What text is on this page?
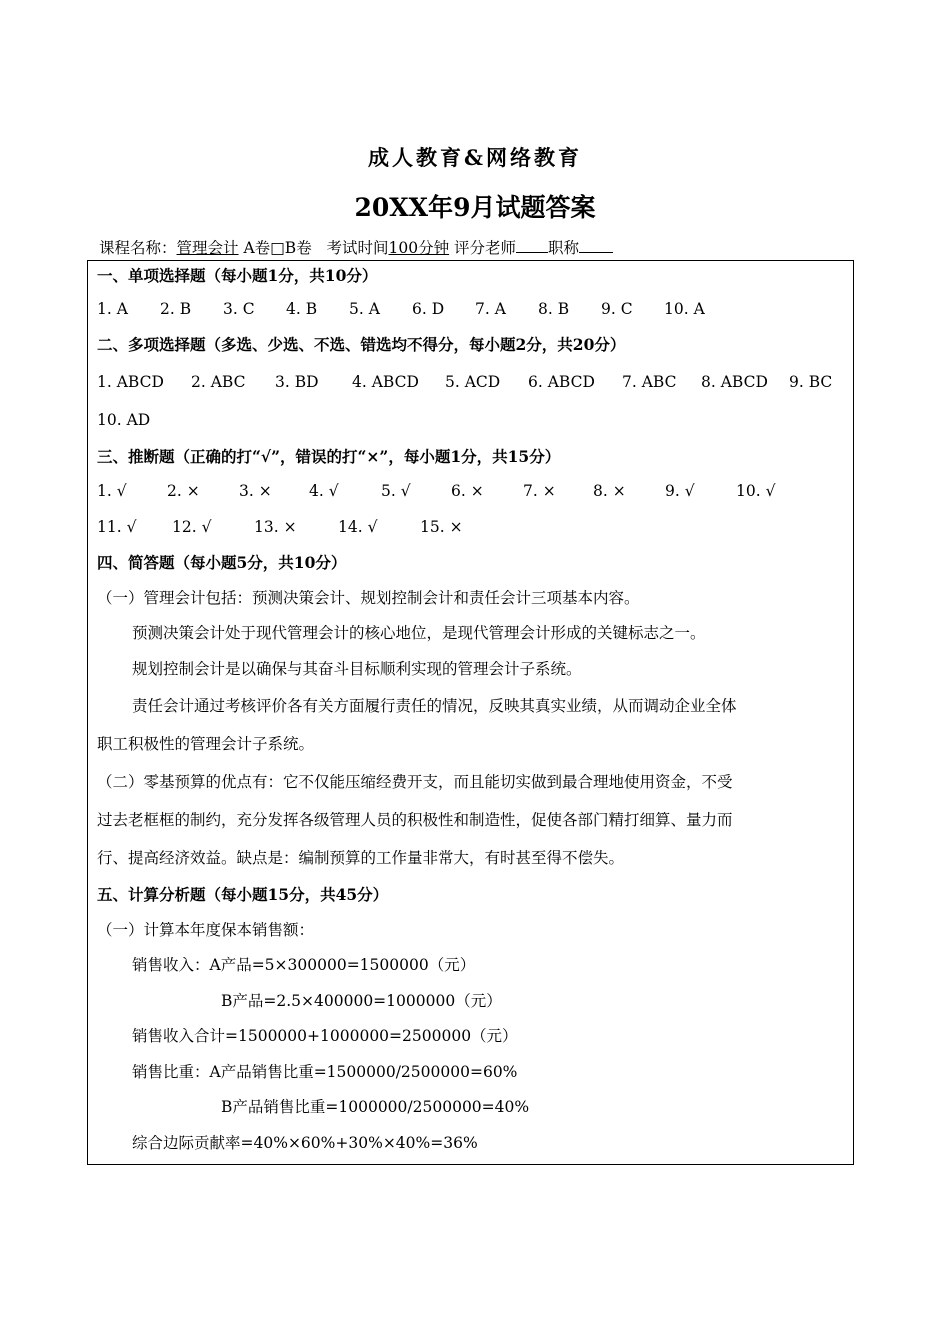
成人教育&网络教育
20XX年9月试题答案
课程名称：管理会计 A卷□B卷 考试时间100分钟 评分老师 职称
一、单项选择题（每小题1分，共10分）
1. A 2. B 3. C 4. B 5. A 6. D 7. A 8. B 9. C 10. A
二、多项选择题（多选、少选、不选、错选均不得分，每小题2分，共20分）
1. ABCD 2. ABC 3. BD 4. ABCD 5. ACD 6. ABCD 7. ABC 8. ABCD 9. BC
10. AD
三、推断题（正确的打“√”，错误的打“×”，每小题1分，共15分）
1. √	2. ×	3. × 4. √	5. √	6. ×	7. × 8. ×	9. √	10. √
11. √ 12. √	13. ×	14. √	15. ×
四、简答题（每小题5分，共10分）
（一）管理会计包括：预测决策会计、规划控制会计和责任会计三项基本内容。
预测决策会计处于现代管理会计的核心地位，是现代管理会计形成的关键标志之一。
规划控制会计是以确保与其奋斗目标顺利实现的管理会计子系统。
责任会计通过考核评价各有关方面履行责任的情况，反映其真实业绩，从而调动企业全体
职工积极性的管理会计子系统。
（二）零基预算的优点有：它不仅能压缩经费开支，而且能切实做到最合理地使用资金，不受
过去老框框的制约，充分发挥各级管理人员的积极性和制造性，促使各部门精打细算、量力而
行、提高经济效益。缺点是：编制预算的工作量非常大，有时甚至得不偿失。
五、计算分析题（每小题15分，共45分）
（一）计算本年度保本销售额：
销售收入：A产品=5×300000=1500000（元）
B产品=2.5×400000=1000000（元）
销售收入合计=1500000+1000000=2500000（元）
销售比重：A产品销售比重=1500000/2500000=60%
B产品销售比重=1000000/2500000=40%
综合边际贡献率=40%×60%+30%×40%=36%
